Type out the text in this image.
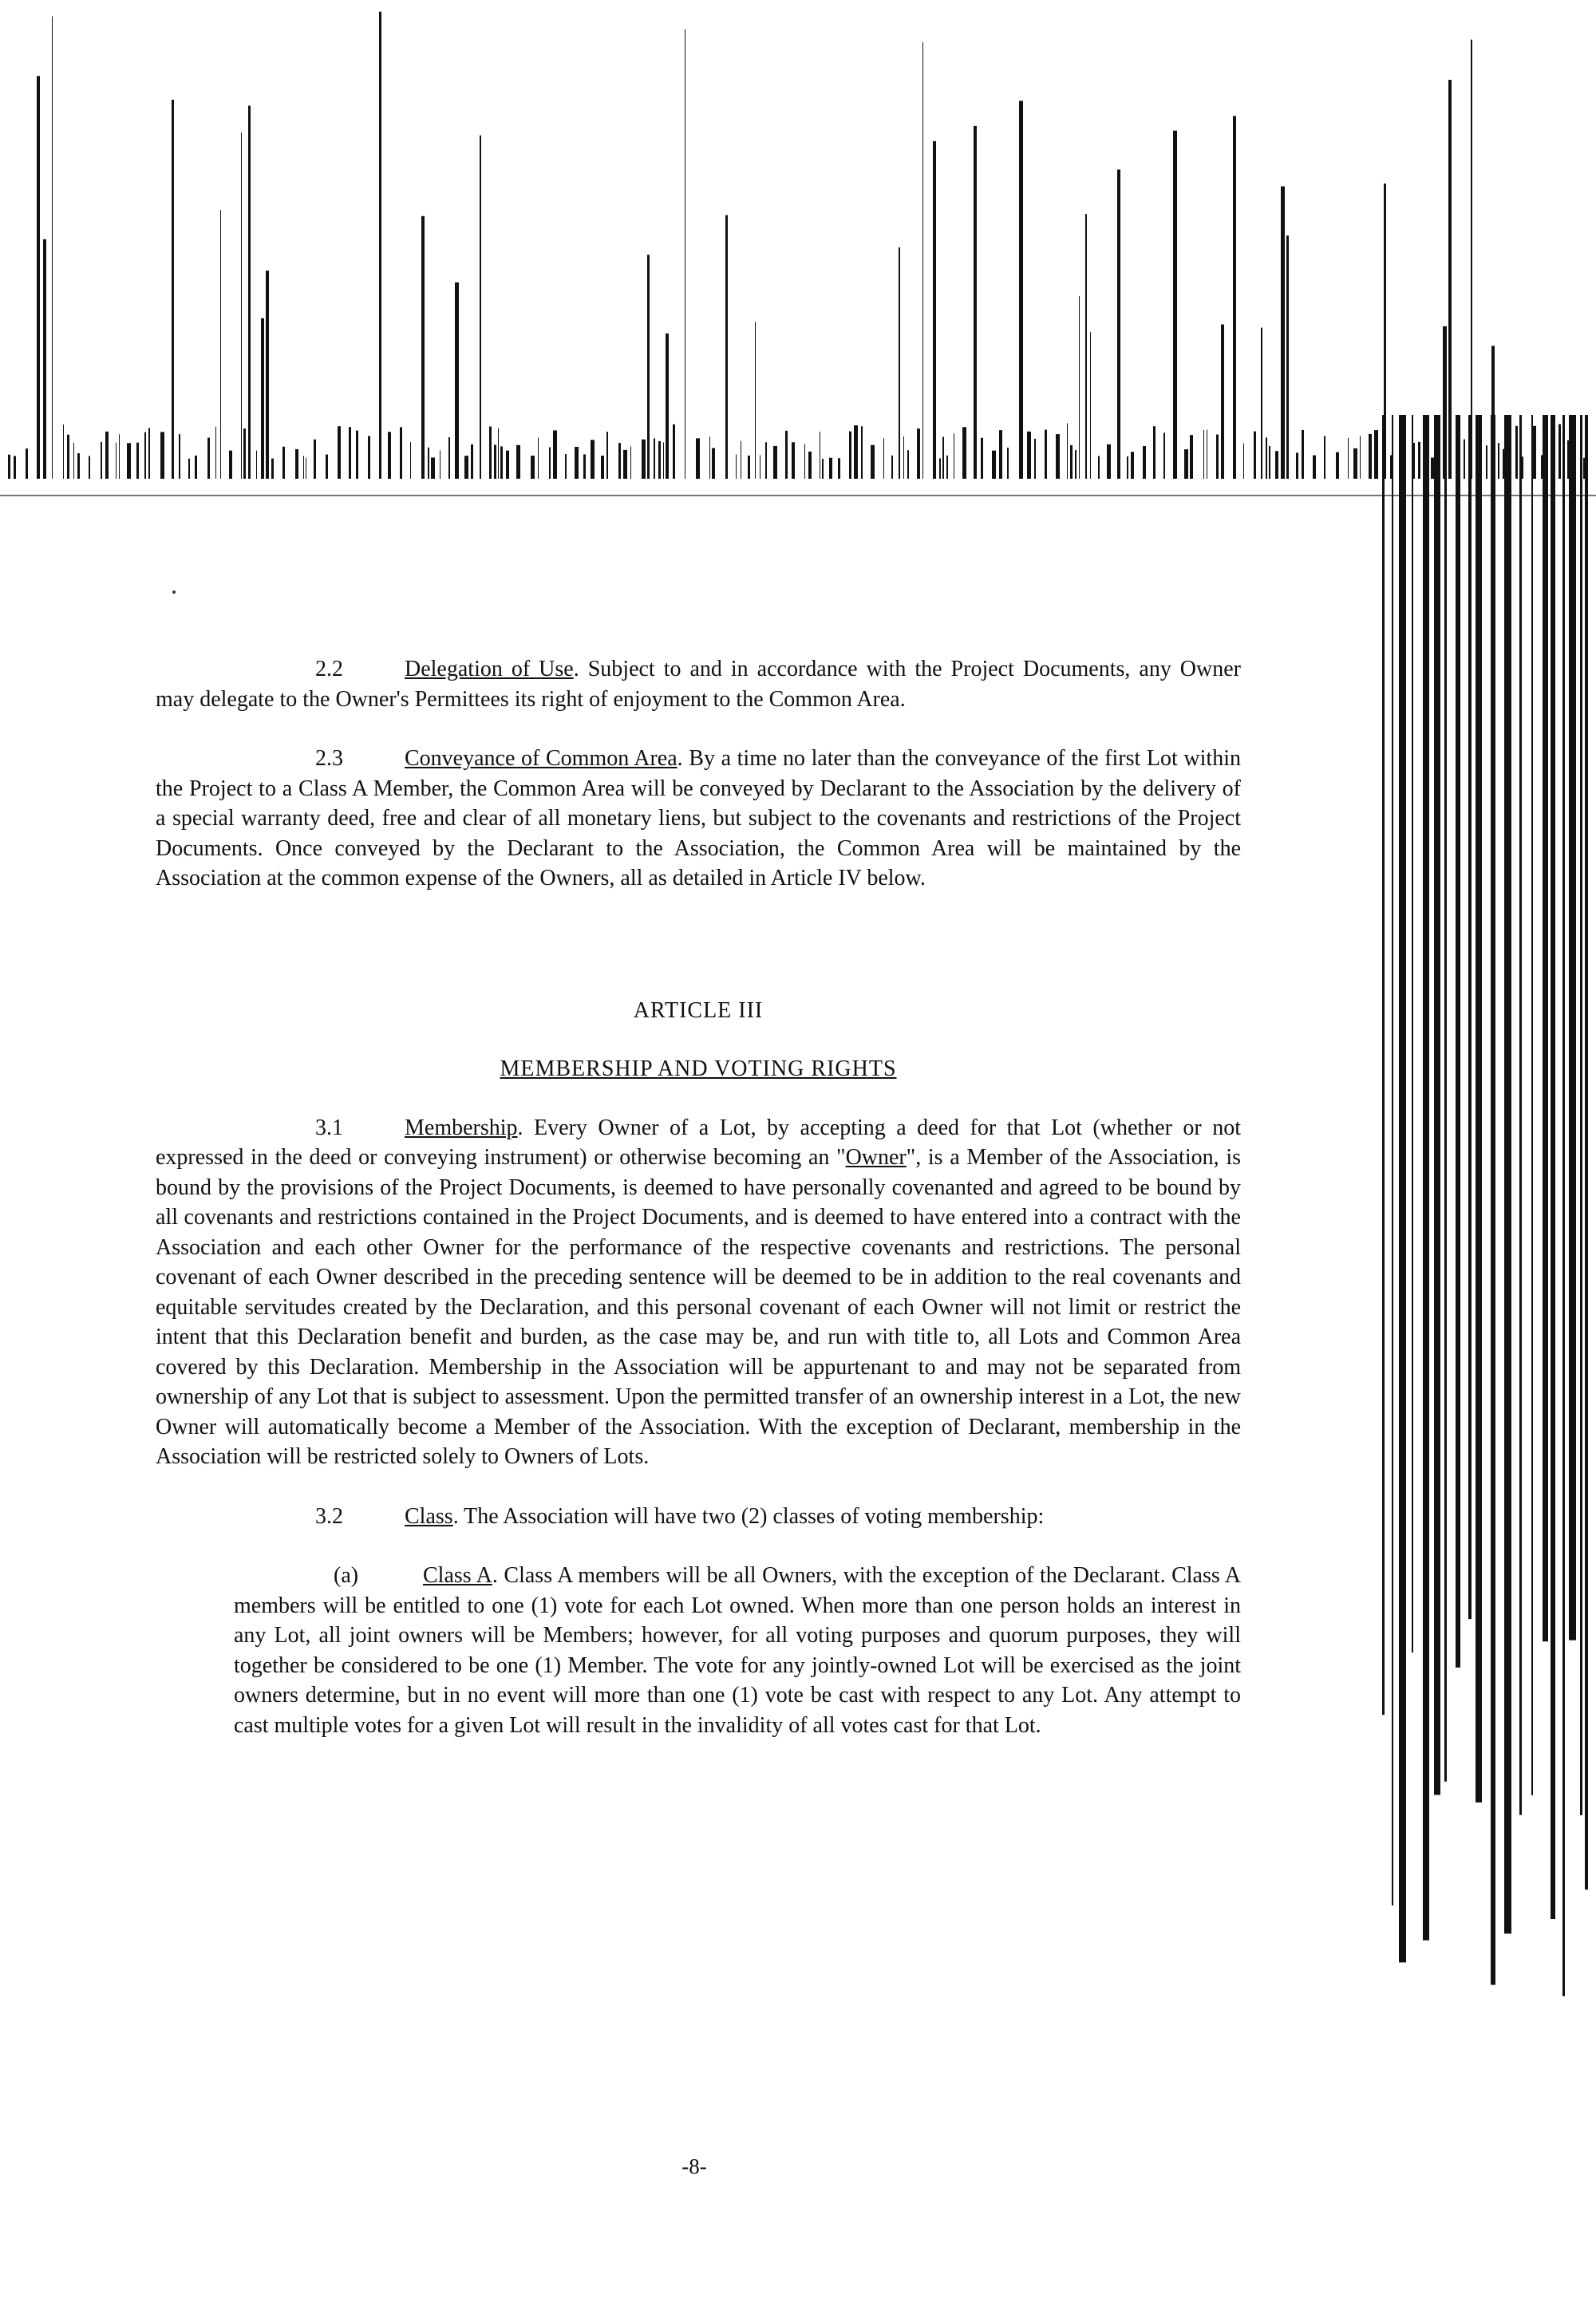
2.2	Delegation of Use. Subject to and in accordance with the Project Documents, any Owner may delegate to the Owner's Permittees its right of enjoyment to the Common Area.

2.3	Conveyance of Common Area. By a time no later than the conveyance of the first Lot within the Project to a Class A Member, the Common Area will be conveyed by Declarant to the Association by the delivery of a special warranty deed, free and clear of all monetary liens, but subject to the covenants and restrictions of the Project Documents. Once conveyed by the Declarant to the Association, the Common Area will be maintained by the Association at the common expense of the Owners, all as detailed in Article IV below.

ARTICLE III

MEMBERSHIP AND VOTING RIGHTS

3.1	Membership. Every Owner of a Lot, by accepting a deed for that Lot (whether or not expressed in the deed or conveying instrument) or otherwise becoming an "Owner", is a Member of the Association, is bound by the provisions of the Project Documents, is deemed to have personally covenanted and agreed to be bound by all covenants and restrictions contained in the Project Documents, and is deemed to have entered into a contract with the Association and each other Owner for the performance of the respective covenants and restrictions. The personal covenant of each Owner described in the preceding sentence will be deemed to be in addition to the real covenants and equitable servitudes created by the Declaration, and this personal covenant of each Owner will not limit or restrict the intent that this Declaration benefit and burden, as the case may be, and run with title to, all Lots and Common Area covered by this Declaration. Membership in the Association will be appurtenant to and may not be separated from ownership of any Lot that is subject to assessment. Upon the permitted transfer of an ownership interest in a Lot, the new Owner will automatically become a Member of the Association. With the exception of Declarant, membership in the Association will be restricted solely to Owners of Lots.

3.2	Class. The Association will have two (2) classes of voting membership:

(a)	Class A. Class A members will be all Owners, with the exception of the Declarant. Class A members will be entitled to one (1) vote for each Lot owned. When more than one person holds an interest in any Lot, all joint owners will be Members; however, for all voting purposes and quorum purposes, they will together be considered to be one (1) Member. The vote for any jointly-owned Lot will be exercised as the joint owners determine, but in no event will more than one (1) vote be cast with respect to any Lot. Any attempt to cast multiple votes for a given Lot will result in the invalidity of all votes cast for that Lot.

-8-
